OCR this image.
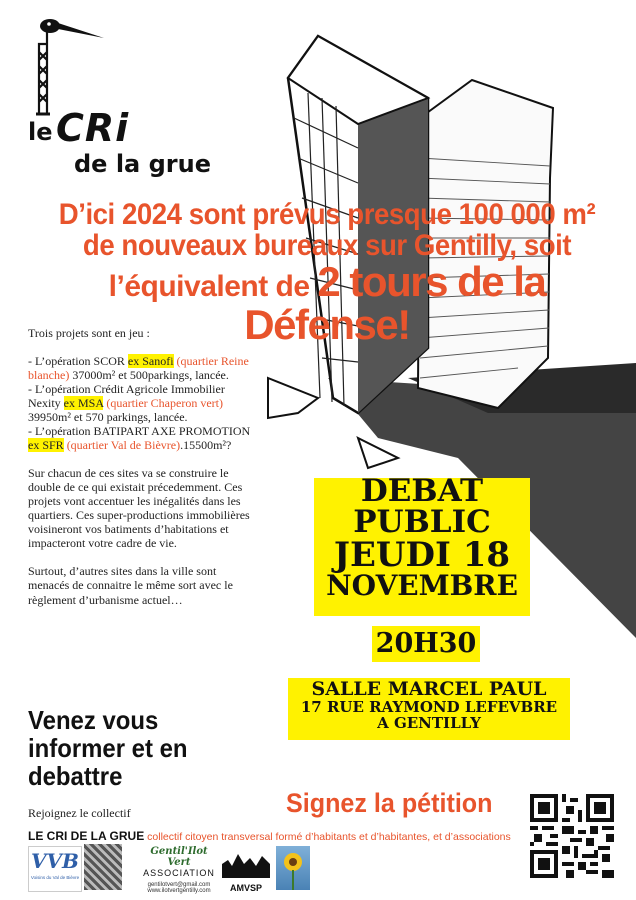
le CRi
de la grue
D’ici 2024 sont prévus presque 100 000 m²
de nouveaux bureaux sur Gentilly, soit
l’équivalent de 2 tours de la Défense!

Trois projets sont en jeu :

- L’opération SCOR ex Sanofi (quartier Reine blanche) 37000m² et 500parkings, lancée.
- L’opération Crédit Agricole Immobilier Nexity ex MSA (quartier Chaperon vert) 39950m² et 570 parkings, lancée.
- L’opération BATIPART AXE PROMOTION ex SFR (quartier Val de Bièvre).15500m²?

Sur chacun de ces sites va se construire le double de ce qui existait précedemment. Ces projets vont accentuer les inégalités dans les quartiers. Ces super-productions immobilières voisineront vos batiments d’habitations et impacteront votre cadre de vie.

Surtout, d’autres sites dans la ville sont menacés de connaitre le même sort avec le règlement d’urbanisme actuel…

Venez vous
informer et en
debattre
Rejoignez le collectif
DEBAT
PUBLIC
JEUDI 18
NOVEMBRE
20H30
SALLE MARCEL PAUL
17 RUE RAYMOND LEFEVBRE
A GENTILLY
Signez la pétition
LE CRI DE LA GRUE collectif citoyen transversal formé d’habitants et d’habitantes, et d’associations
VVB
Voisins du Val de Bièvre
Gentil'Ilot Vert
ASSOCIATION
gentilotvert@gmail.com
www.ilotvertgentilly.com	AMVSP
